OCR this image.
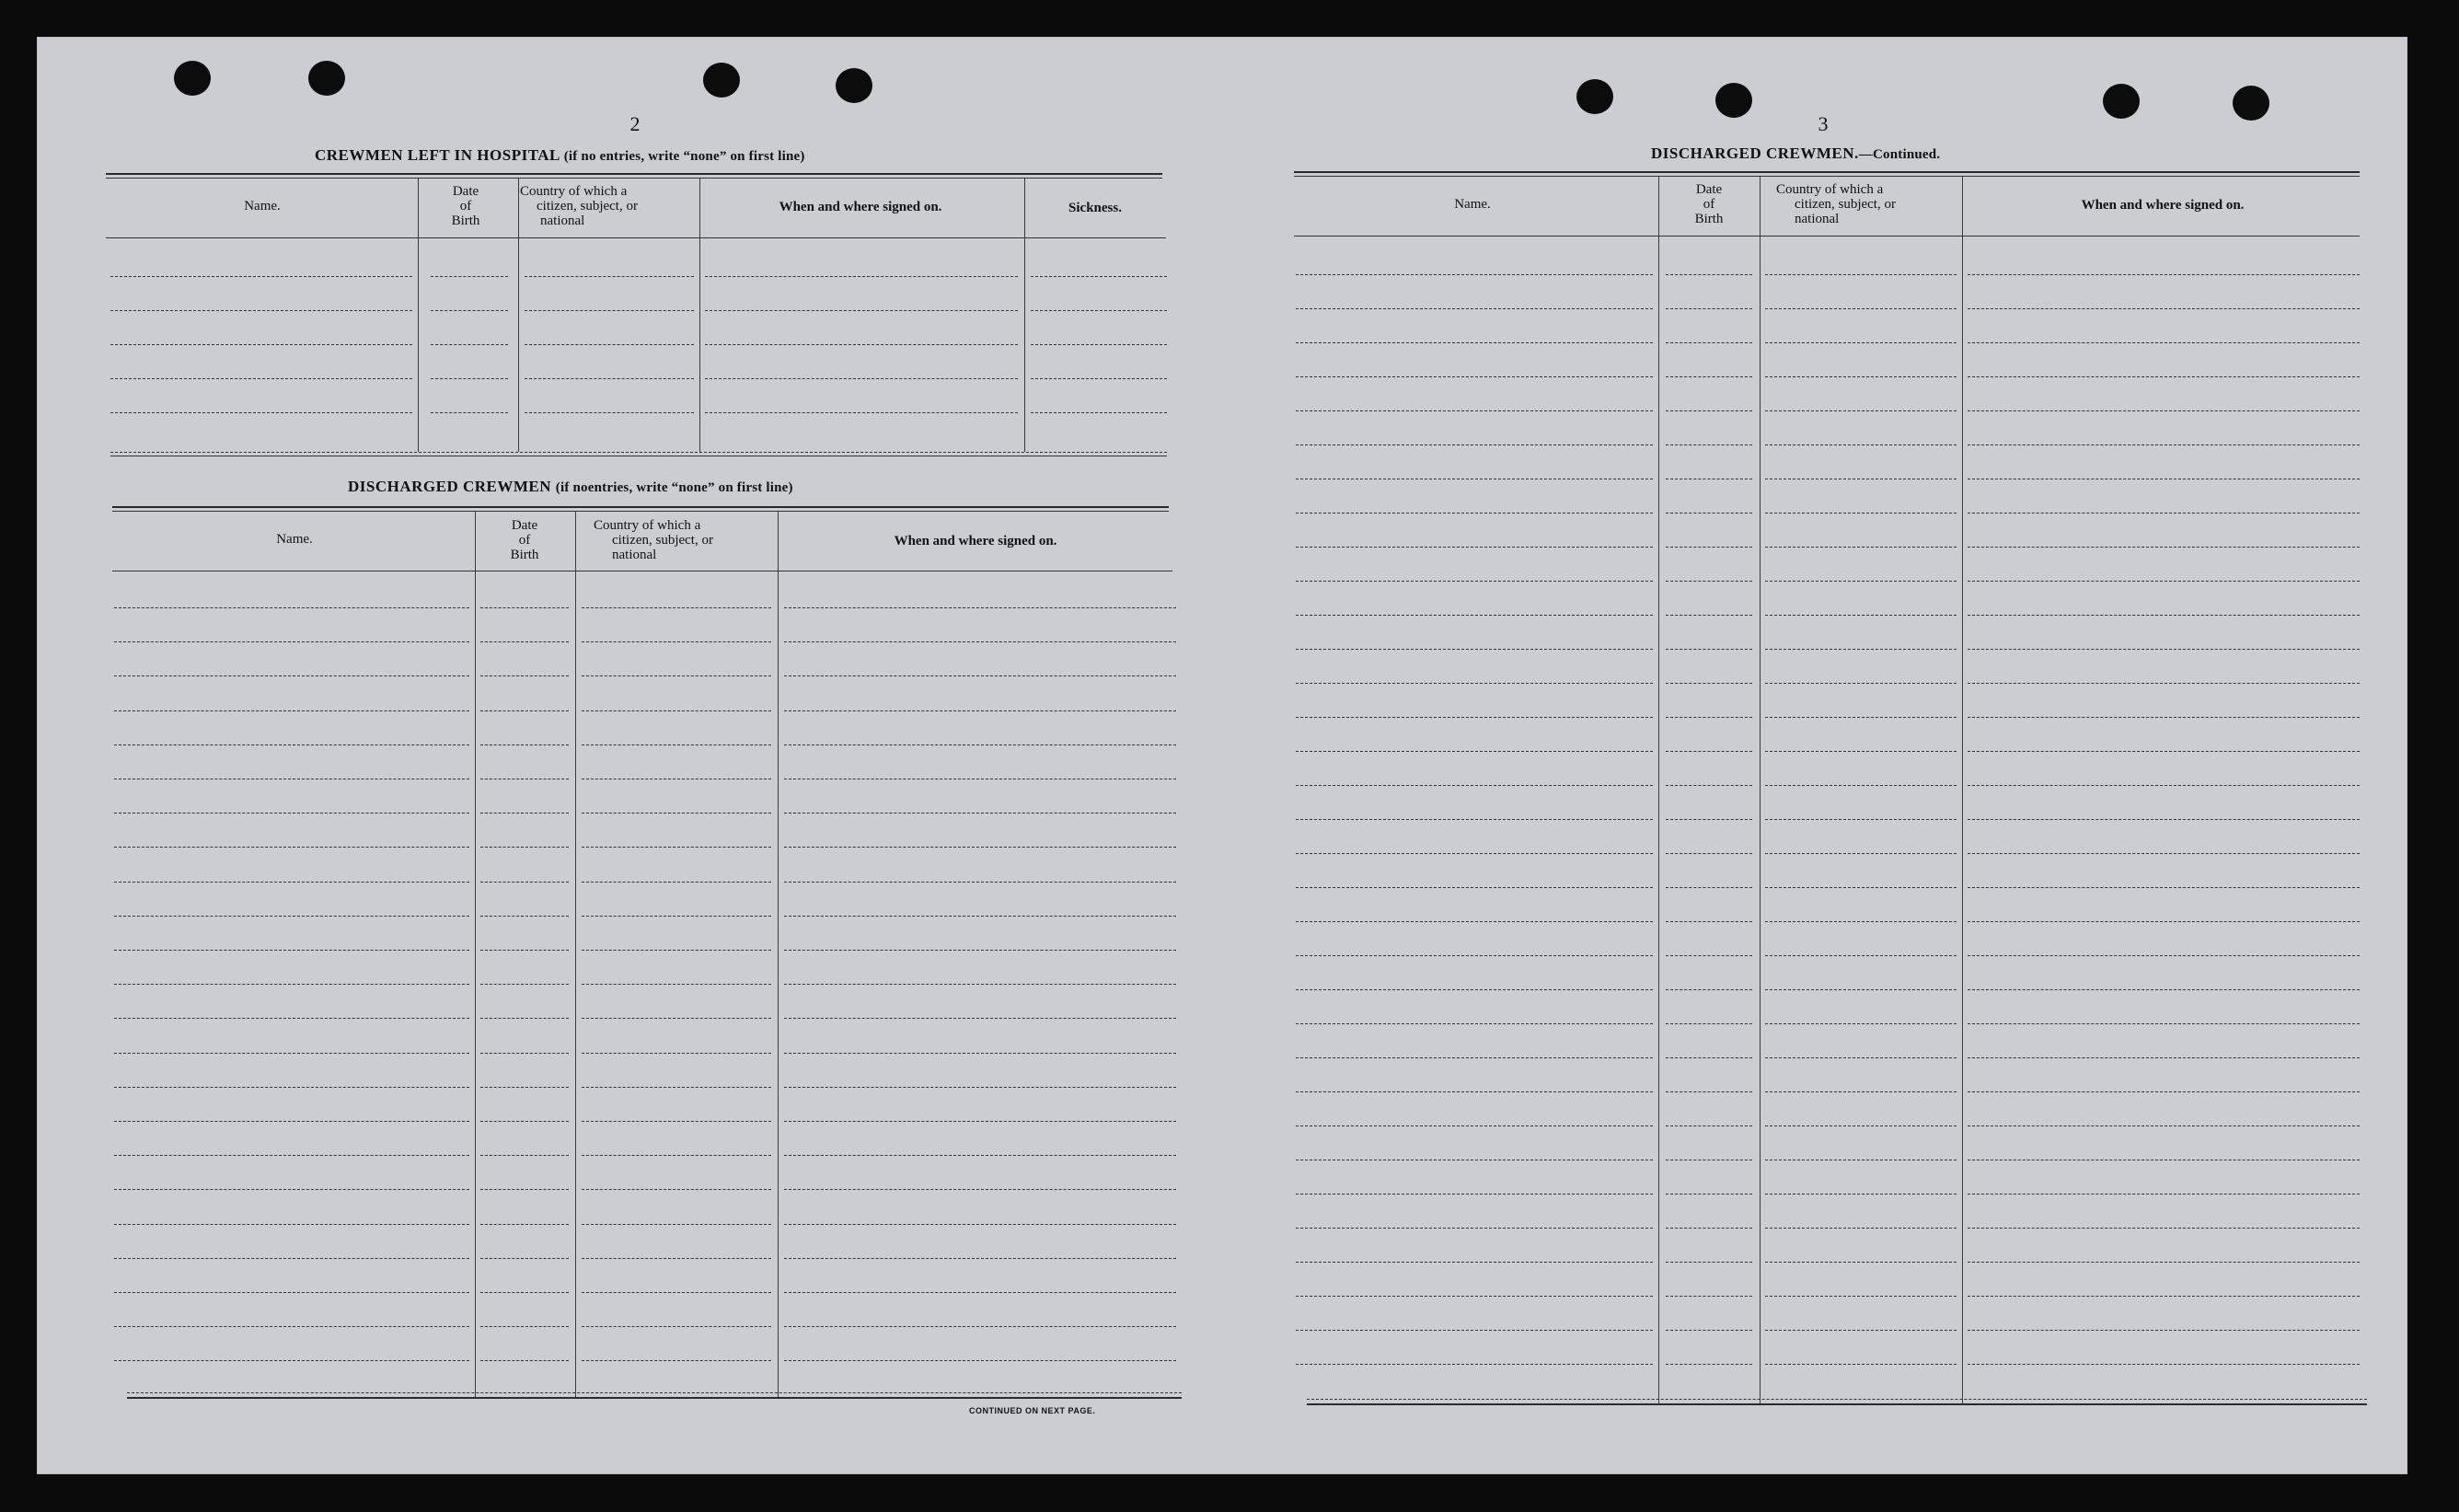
2
CREWMEN LEFT IN HOSPITAL (if no entries, write “none” on first line)
Name.
Date
of
Birth
Country of which a
citizen, subject, or
national
When and where signed on.	Sickness.
DISCHARGED CREWMEN (if noentries, write “none” on first line)
Name.
Date
of
Birth
Country of which a
citizen, subject, or
national
When and where signed on.
CONTINUED ON NEXT PAGE.
3
DISCHARGED CREWMEN.—Continued.
Name.
Date
of
Birth
Country of which a
citizen, subject, or
national
When and where signed on.
